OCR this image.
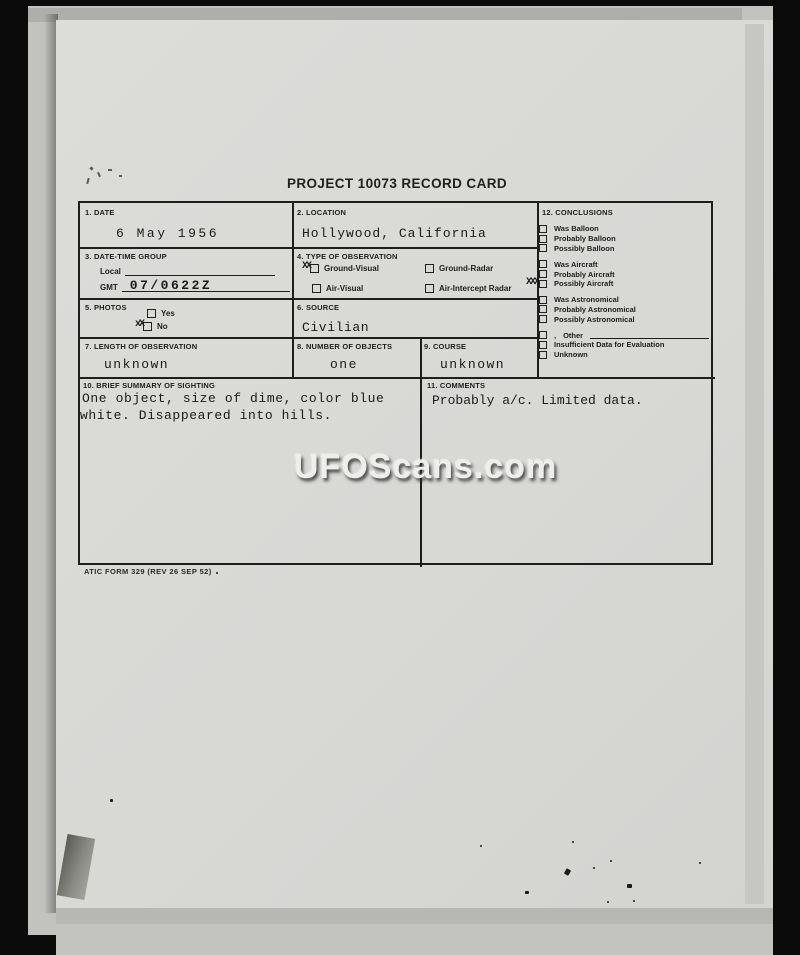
PROJECT 10073 RECORD CARD
1. DATE
6 May 1956
2. LOCATION
Hollywood, California
3. DATE-TIME GROUP
Local
GMT 07/0622Z
4. TYPE OF OBSERVATION
XX Ground-Visual	Ground-Radar
Air-Visual	Air-Intercept Radar
5. PHOTOS
Yes
xX No
6. SOURCE
Civilian
7. LENGTH OF OBSERVATION
unknown
8. NUMBER OF OBJECTS
one
9. COURSE
unknown
10. BRIEF SUMMARY OF SIGHTING
One object, size of dime, color blue
white. Disappeared into hills.
11. COMMENTS
Probably a/c. Limited data.
12. CONCLUSIONS
Was Balloon
Probably Balloon
Possibly Balloon
Was Aircraft
Probably Aircraft
XXX Possibly Aircraft
Was Astronomical
Probably Astronomical
Possibly Astronomical
, Other
Insufficient Data for Evaluation
Unknown
ATIC FORM 329 (REV 26 SEP 52)
UFOScans.com
